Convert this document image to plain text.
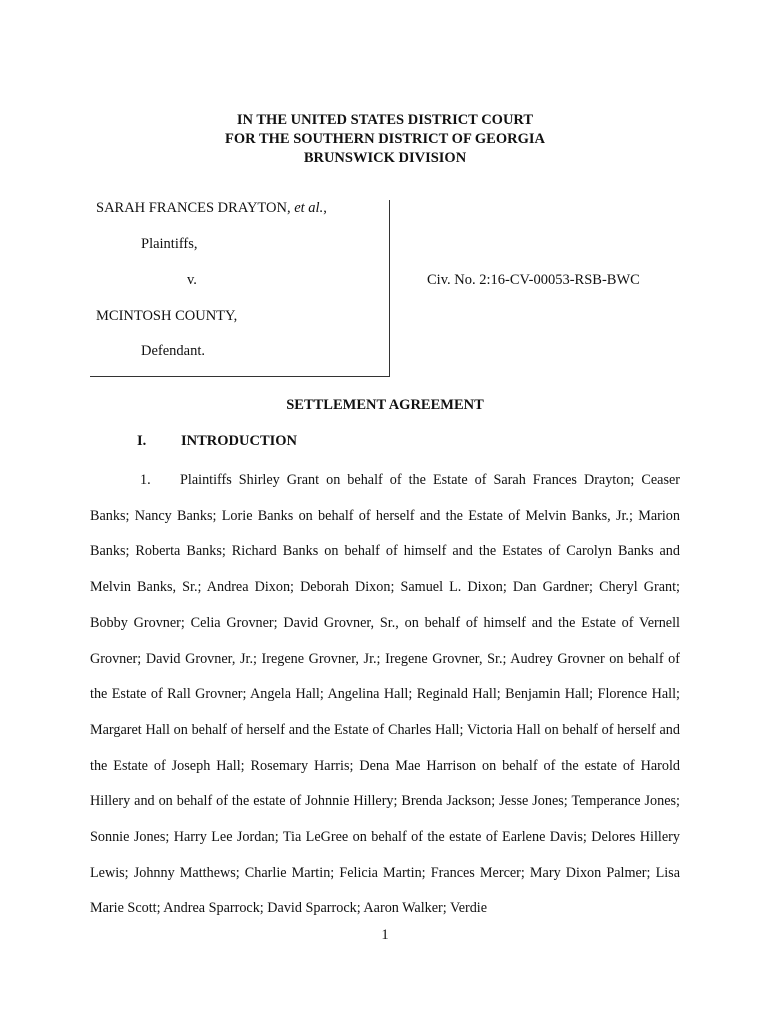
IN THE UNITED STATES DISTRICT COURT
FOR THE SOUTHERN DISTRICT OF GEORGIA
BRUNSWICK DIVISION
SARAH FRANCES DRAYTON, et al.,
Plaintiffs,
v.
MCINTOSH COUNTY,
Defendant.
Civ. No. 2:16-CV-00053-RSB-BWC
SETTLEMENT AGREEMENT
I. INTRODUCTION

1. Plaintiffs Shirley Grant on behalf of the Estate of Sarah Frances Drayton; Ceaser Banks; Nancy Banks; Lorie Banks on behalf of herself and the Estate of Melvin Banks, Jr.; Marion Banks; Roberta Banks; Richard Banks on behalf of himself and the Estates of Carolyn Banks and Melvin Banks, Sr.; Andrea Dixon; Deborah Dixon; Samuel L. Dixon; Dan Gardner; Cheryl Grant; Bobby Grovner; Celia Grovner; David Grovner, Sr., on behalf of himself and the Estate of Vernell Grovner; David Grovner, Jr.; Iregene Grovner, Jr.; Iregene Grovner, Sr.; Audrey Grovner on behalf of the Estate of Rall Grovner; Angela Hall; Angelina Hall; Reginald Hall; Benjamin Hall; Florence Hall; Margaret Hall on behalf of herself and the Estate of Charles Hall; Victoria Hall on behalf of herself and the Estate of Joseph Hall; Rosemary Harris; Dena Mae Harrison on behalf of the estate of Harold Hillery and on behalf of the estate of Johnnie Hillery; Brenda Jackson; Jesse Jones; Temperance Jones; Sonnie Jones; Harry Lee Jordan; Tia LeGree on behalf of the estate of Earlene Davis; Delores Hillery Lewis; Johnny Matthews; Charlie Martin; Felicia Martin; Frances Mercer; Mary Dixon Palmer; Lisa Marie Scott; Andrea Sparrock; David Sparrock; Aaron Walker; Verdie

1
